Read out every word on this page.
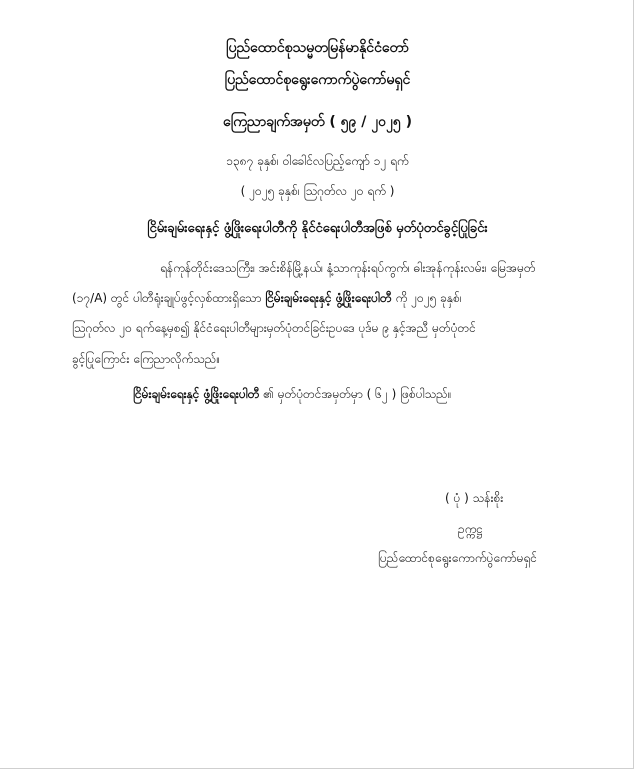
ပြည်ထောင်စုသမ္မတမြန်မာနိုင်ငံတော်
ပြည်ထောင်စုရွေးကောက်ပွဲကော်မရှင်
ကြေညာချက်အမှတ် ( ၅၉ / ၂၀၂၅ )
၁၃၈၇ ခုနှစ်၊ ဝါခေါင်လပြည့်ကျော် ၁၂ ရက်
( ၂၀၂၅ ခုနှစ်၊ ဩဂုတ်လ ၂၀ ရက် )
ငြိမ်းချမ်းရေးနှင့် ဖွံ့ဖြိုးရေးပါတီကို နိုင်ငံရေးပါတီအဖြစ် မှတ်ပုံတင်ခွင့်ပြုခြင်း
ရန်ကုန်တိုင်းဒေသကြီး၊ အင်းစိန်မြို့နယ်၊ နံ့သာကုန်းရပ်ကွက်၊ ဓါးအုန်ကုန်းလမ်း၊ မြေအမှတ်
(၁၇/A) တွင် ပါတီရုံးချုပ်ဖွင့်လှစ်ထားရှိသော ငြိမ်းချမ်းရေးနှင့် ဖွံ့ဖြိုးရေးပါတီ ကို ၂၀၂၅ ခုနှစ်၊
ဩဂုတ်လ ၂၀ ရက်နေ့မှစ၍ နိုင်ငံရေးပါတီများမှတ်ပုံတင်ခြင်းဥပဒေ ပုဒ်မ ၉ နှင့်အညီ မှတ်ပုံတင်
ခွင့်ပြုကြောင်း ကြေညာလိုက်သည်။
ငြိမ်းချမ်းရေးနှင့် ဖွံ့ဖြိုးရေးပါတီ ၏ မှတ်ပုံတင်အမှတ်မှာ ( ၆၂ ) ဖြစ်ပါသည်။
( ပုံ ) သန်းစိုး
ဥက္ကဋ္ဌ
ပြည်ထောင်စုရွေးကောက်ပွဲကော်မရှင်
